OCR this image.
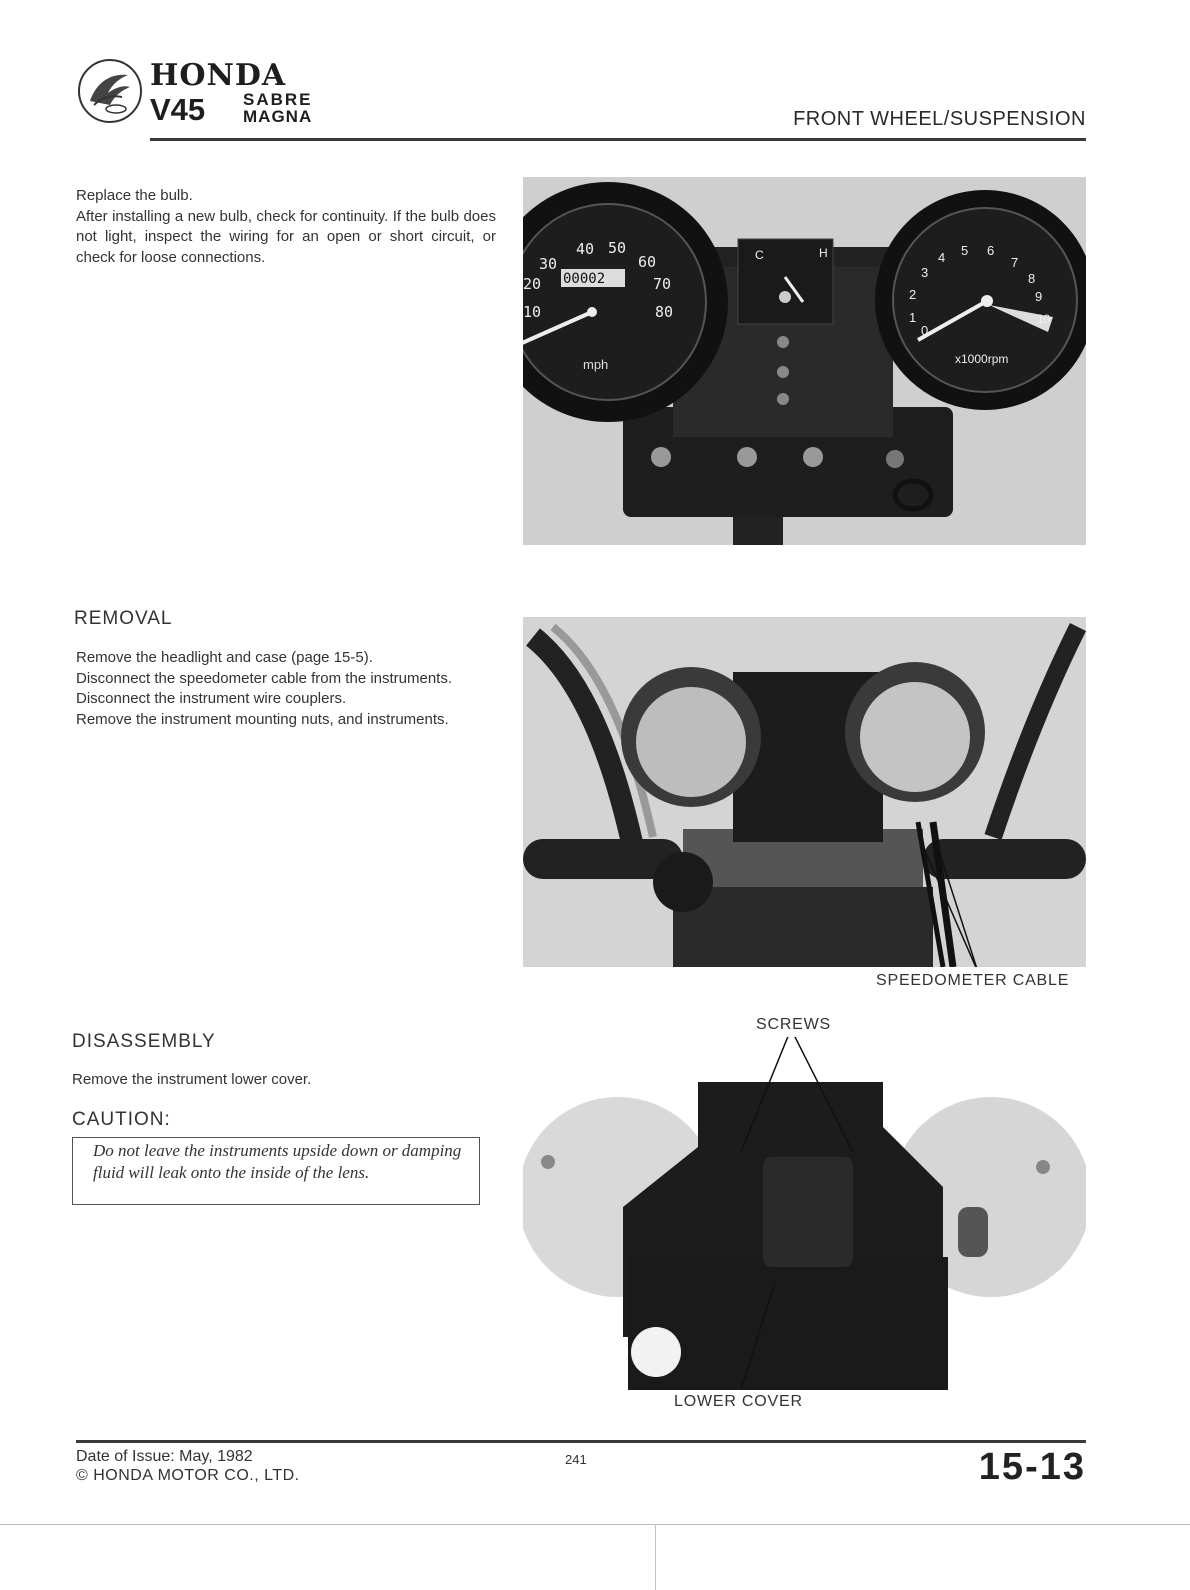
HONDA
V45 SABRE
MAGNA	FRONT WHEEL/SUSPENSION

Replace the bulb.

After installing a new bulb, check for continuity. If the bulb does not light, inspect the wiring for an open or short circuit, or check for loose connections.

20
30
40 50
60
70
80
10
00002
mph
C	H
0
1
2
3
4 5 6
7
8
9
10
x1000rpm
REMOVAL

Remove the headlight and case (page 15-5).

Disconnect the speedometer cable from the instruments.

Disconnect the instrument wire couplers.

Remove the instrument mounting nuts, and instruments.

SPEEDOMETER CABLE
DISASSEMBLY
Remove the instrument lower cover.
CAUTION:
Do not leave the instruments upside down or damping fluid will leak onto the inside of the lens.
SCREWS
LOWER COVER
Date of Issue: May, 1982
© HONDA MOTOR CO., LTD.
241	15-13
